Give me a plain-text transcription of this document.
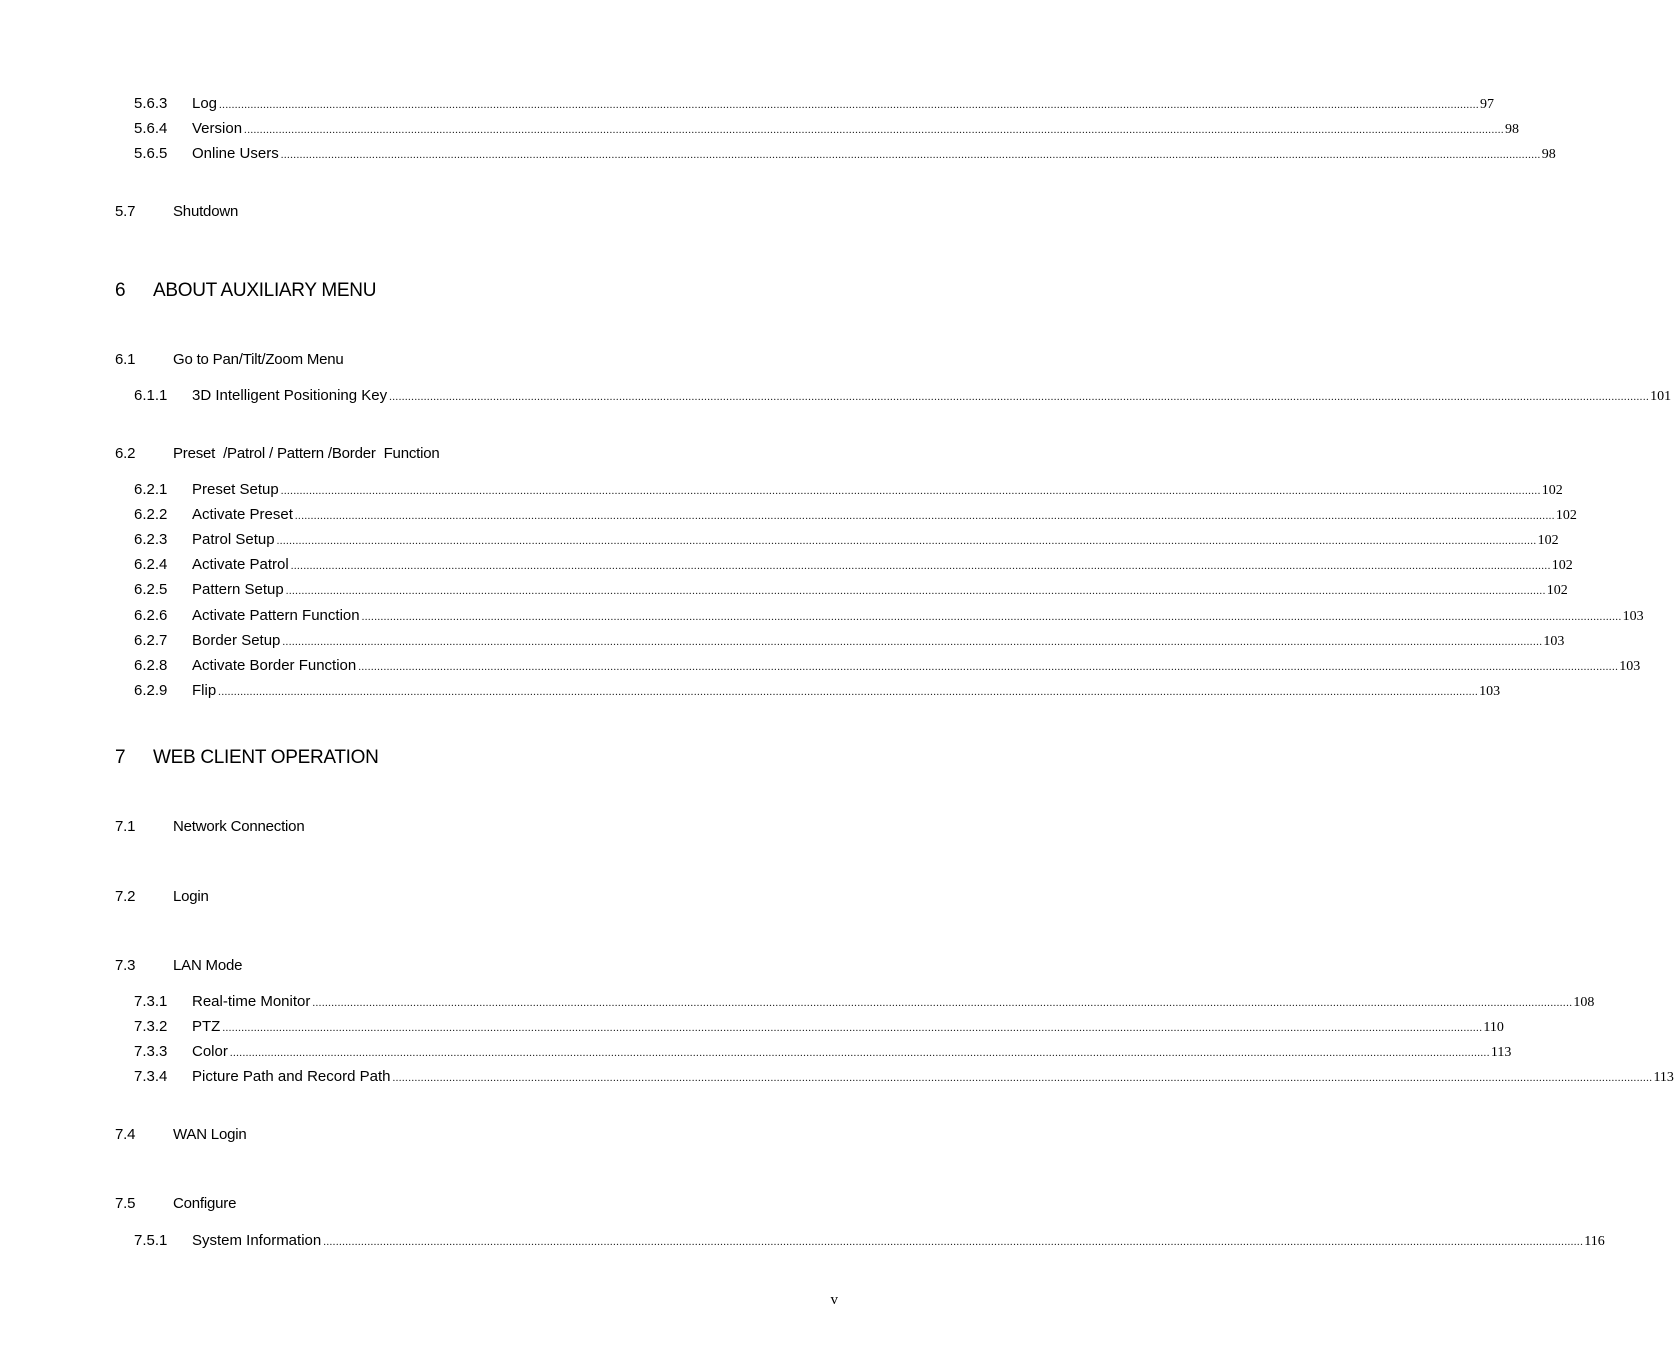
5.6.3	Log ................................................................................................................................................................................................................................................................................................................................................................................................................ 97
5.6.4	Version ................................................................................................................................................................................................................................................................................................................................................................................................................ 98
5.6.5	Online Users ................................................................................................................................................................................................................................................................................................................................................................................................................ 98
5.7	Shutdown
6	ABOUT AUXILIARY MENU
6.1	Go to Pan/Tilt/Zoom Menu
6.1.1	3D Intelligent Positioning Key ................................................................................................................................................................................................................................................................................................................................................................................................................ 101
6.2	Preset  /Patrol / Pattern /Border  Function
6.2.1	Preset Setup ................................................................................................................................................................................................................................................................................................................................................................................................................ 102
6.2.2	Activate Preset ................................................................................................................................................................................................................................................................................................................................................................................................................ 102
6.2.3	Patrol Setup ................................................................................................................................................................................................................................................................................................................................................................................................................ 102
6.2.4	Activate Patrol ................................................................................................................................................................................................................................................................................................................................................................................................................ 102
6.2.5	Pattern Setup ................................................................................................................................................................................................................................................................................................................................................................................................................ 102
6.2.6	Activate Pattern Function ................................................................................................................................................................................................................................................................................................................................................................................................................ 103
6.2.7	Border Setup ................................................................................................................................................................................................................................................................................................................................................................................................................ 103
6.2.8	Activate Border Function ................................................................................................................................................................................................................................................................................................................................................................................................................ 103
6.2.9	Flip ................................................................................................................................................................................................................................................................................................................................................................................................................ 103
7	WEB CLIENT OPERATION
7.1	Network Connection
7.2	Login
7.3	LAN Mode
7.3.1	Real-time Monitor ................................................................................................................................................................................................................................................................................................................................................................................................................ 108
7.3.2	PTZ ................................................................................................................................................................................................................................................................................................................................................................................................................ 110
7.3.3	Color ................................................................................................................................................................................................................................................................................................................................................................................................................ 113
7.3.4	Picture Path and Record Path ................................................................................................................................................................................................................................................................................................................................................................................................................ 113
7.4	WAN Login
7.5	Configure
7.5.1	System Information ................................................................................................................................................................................................................................................................................................................................................................................................................ 116
v
